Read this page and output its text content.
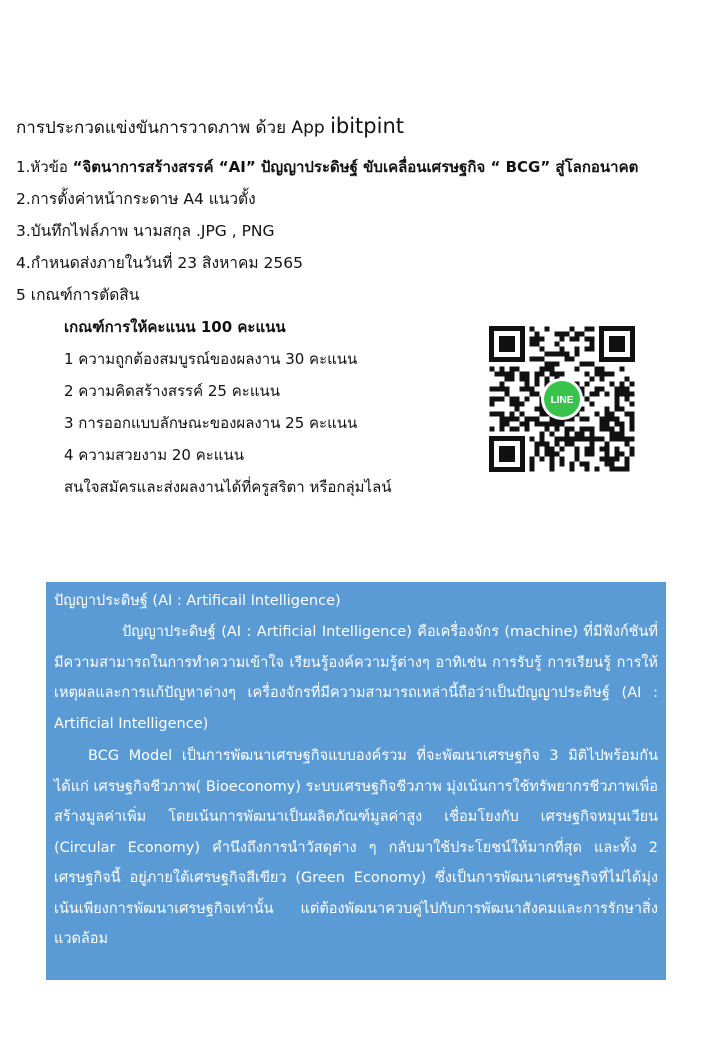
การประกวดแข่งขันการวาดภาพ ด้วย App ibitpint
1.หัวข้อ “จิตนาการสร้างสรรค์ “AI” ปัญญาประดิษฐ์ ขับเคลื่อนเศรษฐกิจ “ BCG” สู่โลกอนาคต
2.การตั้งค่าหน้ากระดาษ A4 แนวตั้ง
3.บันทึกไฟล์ภาพ นามสกุล .JPG , PNG
4.กำหนดส่งภายในวันที่ 23 สิงหาคม 2565
5 เกณฑ์การตัดสิน
เกณฑ์การให้คะแนน 100 คะแนน
1 ความถูกต้องสมบูรณ์ของผลงาน 30 คะแนน
2 ความคิดสร้างสรรค์ 25 คะแนน
3 การออกแบบลักษณะของผลงาน 25 คะแนน
4 ความสวยงาม 20 คะแนน
สนใจสมัครและส่งผลงานได้ที่ครูสริตา หรือกลุ่มไลน์
LINE
ปัญญาประดิษฐ์ (AI : Artificail Intelligence)
ปัญญาประดิษฐ์ (AI : Artificial Intelligence) คือเครื่องจักร (machine) ที่มีฟังก์ชันที่มีความสามารถในการทำความเข้าใจ เรียนรู้องค์ความรู้ต่างๆ อาทิเช่น การรับรู้ การเรียนรู้ การให้เหตุผลและการแก้ปัญหาต่างๆ เครื่องจักรที่มีความสามารถเหล่านี้ถือว่าเป็นปัญญาประดิษฐ์ (AI : Artificial Intelligence)
BCG Model เป็นการพัฒนาเศรษฐกิจแบบองค์รวม ที่จะพัฒนาเศรษฐกิจ 3 มิติไปพร้อมกัน ได้แก่ เศรษฐกิจชีวภาพ( Bioeconomy) ระบบเศรษฐกิจชีวภาพ มุ่งเน้นการใช้ทรัพยากรชีวภาพเพื่อสร้างมูลค่าเพิ่ม โดยเน้นการพัฒนาเป็นผลิตภัณฑ์มูลค่าสูง เชื่อมโยงกับ เศรษฐกิจหมุนเวียน (Circular Economy) คำนึงถึงการนำวัสดุต่าง ๆ กลับมาใช้ประโยชน์ให้มากที่สุด และทั้ง 2 เศรษฐกิจนี้ อยู่ภายใต้เศรษฐกิจสีเขียว (Green Economy) ซึ่งเป็นการพัฒนาเศรษฐกิจที่ไม่ได้มุ่งเน้นเพียงการพัฒนาเศรษฐกิจเท่านั้น แต่ต้องพัฒนาควบคู่ไปกับการพัฒนาสังคมและการรักษาสิ่งแวดล้อม
